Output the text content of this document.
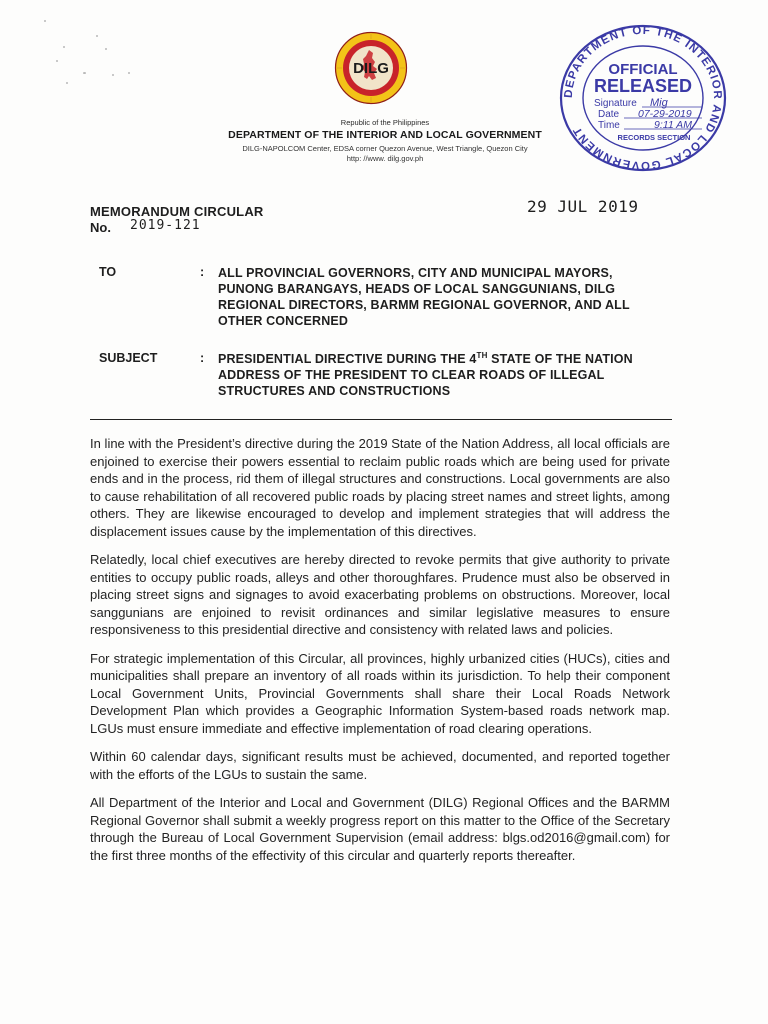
DILG
Republic of the Philippines
DEPARTMENT OF THE INTERIOR AND LOCAL GOVERNMENT
DILG-NAPOLCOM Center, EDSA corner Quezon Avenue, West Triangle, Quezon City
http: //www. dilg.gov.ph
DEPARTMENT OF THE INTERIOR AND LOCAL GOVERNMENT
OFFICIAL
RELEASED
Signature
Date
Time
RECORDS SECTION
Mig
07-29-2019
9:11 AM
MEMORANDUM CIRCULAR
No. 2019-121
29 JUL 2019
TO	: ALL PROVINCIAL GOVERNORS, CITY AND MUNICIPAL MAYORS, PUNONG BARANGAYS, HEADS OF LOCAL SANGGUNIANS, DILG REGIONAL DIRECTORS, BARMM REGIONAL GOVERNOR, AND ALL OTHER CONCERNED
SUBJECT	: PRESIDENTIAL DIRECTIVE DURING THE 4TH STATE OF THE NATION ADDRESS OF THE PRESIDENT TO CLEAR ROADS OF ILLEGAL STRUCTURES AND CONSTRUCTIONS

In line with the President’s directive during the 2019 State of the Nation Address, all local officials are enjoined to exercise their powers essential to reclaim public roads which are being used for private ends and in the process, rid them of illegal structures and constructions. Local governments are also to cause rehabilitation of all recovered public roads by placing street names and street lights, among others. They are likewise encouraged to develop and implement strategies that will address the displacement issues cause by the implementation of this directives.

Relatedly, local chief executives are hereby directed to revoke permits that give authority to private entities to occupy public roads, alleys and other thoroughfares. Prudence must also be observed in placing street signs and signages to avoid exacerbating problems on obstructions. Moreover, local sanggunians are enjoined to revisit ordinances and similar legislative measures to ensure responsiveness to this presidential directive and consistency with related laws and policies.

For strategic implementation of this Circular, all provinces, highly urbanized cities (HUCs), cities and municipalities shall prepare an inventory of all roads within its jurisdiction. To help their component Local Government Units, Provincial Governments shall share their Local Roads Network Development Plan which provides a Geographic Information System-based roads network map. LGUs must ensure immediate and effective implementation of road clearing operations.

Within 60 calendar days, significant results must be achieved, documented, and reported together with the efforts of the LGUs to sustain the same.

All Department of the Interior and Local and Government (DILG) Regional Offices and the BARMM Regional Governor shall submit a weekly progress report on this matter to the Office of the Secretary through the Bureau of Local Government Supervision (email address: blgs.od2016@gmail.com) for the first three months of the effectivity of this circular and quarterly reports thereafter.
